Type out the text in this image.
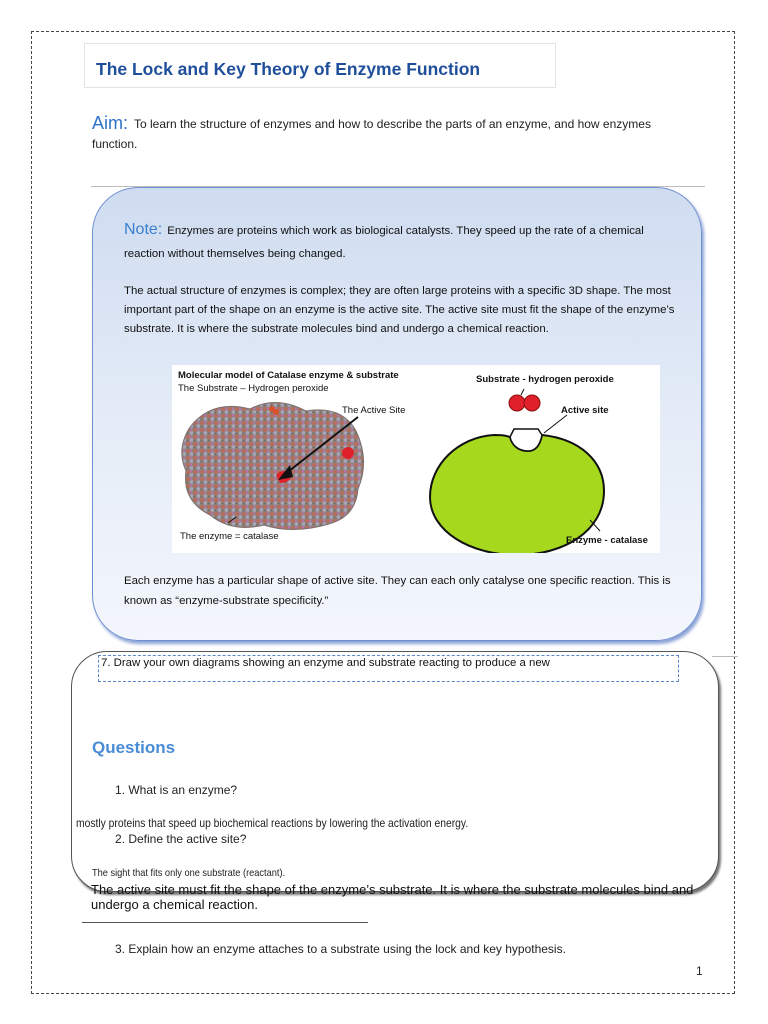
The Lock and Key Theory of Enzyme Function
Aim: To learn the structure of enzymes and how to describe the parts of an enzyme, and how enzymes function.
Note: Enzymes are proteins which work as biological catalysts. They speed up the rate of a chemical reaction without themselves being changed.
The actual structure of enzymes is complex; they are often large proteins with a specific 3D shape. The most important part of the shape on an enzyme is the active site. The active site must fit the shape of the enzyme’s substrate. It is where the substrate molecules bind and undergo a chemical reaction.
Molecular model of Catalase enzyme & substrate
The Substrate – Hydrogen peroxide
The Active Site
The enzyme = catalase
Substrate - hydrogen peroxide
Active site
Enzyme - catalase
Each enzyme has a particular shape of active site. They can each only catalyse one specific reaction. This is known as “enzyme-substrate specificity.”
7. Draw your own diagrams showing an enzyme and substrate reacting to produce a new
Questions
1. What is an enzyme?
mostly proteins that speed up biochemical reactions by lowering the activation energy.
2. Define the active site?
The sight that fits only one substrate (reactant).
The active site must fit the shape of the enzyme’s substrate. It is where the substrate molecules bind and undergo a chemical reaction.
3. Explain how an enzyme attaches to a substrate using the lock and key hypothesis.
1
